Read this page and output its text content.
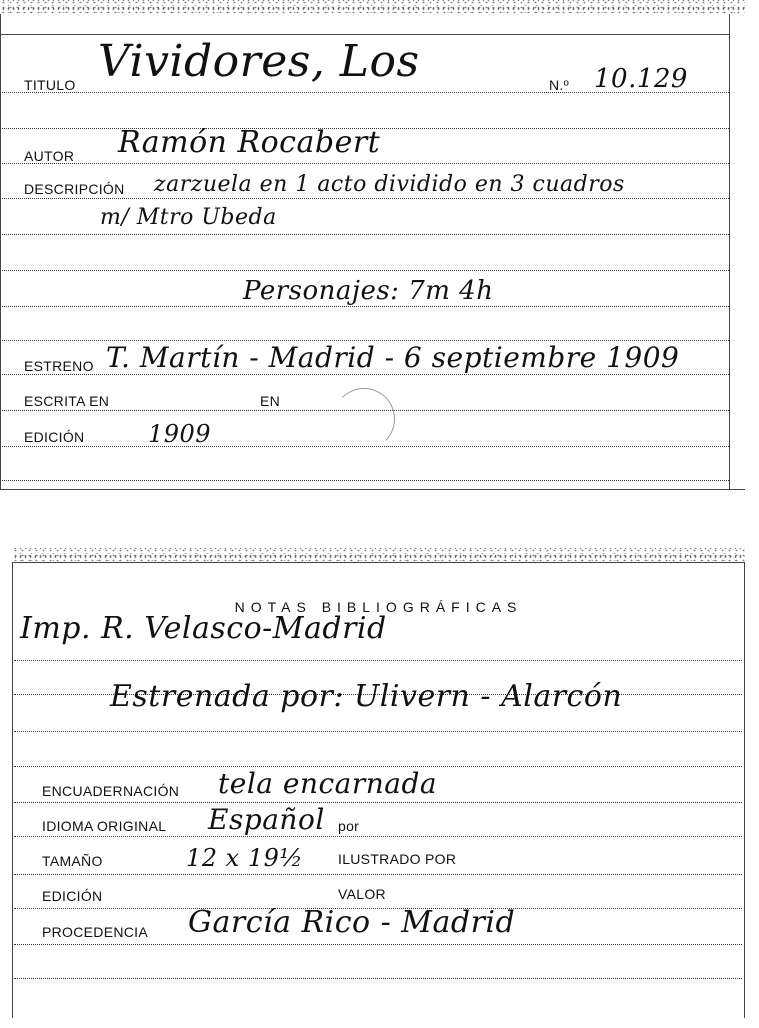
TITULO Vividores, Los	N.º 10.129
AUTOR Ramón Rocabert
DESCRIPCIÓN zarzuela en 1 acto dividido en 3 cuadros
m/ Mtro Ubeda
Personajes: 7m 4h
ESTRENO T. Martín - Madrid - 6 septiembre 1909
ESCRITA EN	EN
EDICIÓN	1909
NOTAS BIBLIOGRÁFICAS
Imp. R. Velasco-Madrid
Estrenada por: Ulivern - Alarcón
ENCUADERNACIÓN tela encarnada
IDIOMA ORIGINAL Español por
TAMAÑO	12 x 19½ ILUSTRADO POR
EDICIÓN	VALOR
PROCEDENCIA García Rico - Madrid
